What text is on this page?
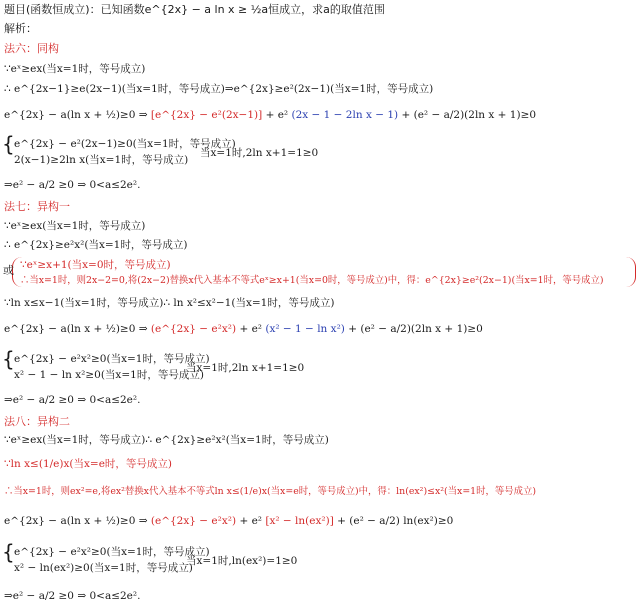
题目(函数恒成立)：已知函数e^{2x} − a ln x ≥ ½a恒成立，求a的取值范围
解析：
法六：同构
∵eˣ≥ex(当x=1时，等号成立)
∴ e^{2x−1}≥e(2x−1)(当x=1时，等号成立)⇒e^{2x}≥e²(2x−1)(当x=1时，等号成立)
e^{2x} − a(ln x + ½)≥0 ⇒ [e^{2x} − e²(2x−1)] + e² (2x − 1 − 2ln x − 1) + (e² − a/2)(2ln x + 1)≥0
{ e^{2x} − e²(2x−1)≥0(当x=1时，等号成立)
2(x−1)≥2ln x(当x=1时，等号成立)
当x=1时,2ln x+1=1≥0
⇒e² − a/2 ≥0 ⇒ 0<a≤2e².
法七：异构一
∵eˣ≥ex(当x=1时，等号成立)
∴ e^{2x}≥e²x²(当x=1时，等号成立)
或 ∵eˣ≥x+1(当x=0时，等号成立)
∴当x=1时，则2x−2=0,将(2x−2)替换x代入基本不等式eˣ≥x+1(当x=0时，等号成立)中，得：e^{2x}≥e²(2x−1)(当x=1时，等号成立)
∵ln x≤x−1(当x=1时，等号成立)∴ ln x²≤x²−1(当x=1时，等号成立)
e^{2x} − a(ln x + ½)≥0 ⇒ (e^{2x} − e²x²) + e² (x² − 1 − ln x²) + (e² − a/2)(2ln x + 1)≥0
{ e^{2x} − e²x²≥0(当x=1时，等号成立)
x² − 1 − ln x²≥0(当x=1时，等号成立)
当x=1时,2ln x+1=1≥0
⇒e² − a/2 ≥0 ⇒ 0<a≤2e².
法八：异构二
∵eˣ≥ex(当x=1时，等号成立)∴ e^{2x}≥e²x²(当x=1时，等号成立)
∵ln x≤(1/e)x(当x=e时，等号成立)
∴当x=1时，则ex²=e,将ex²替换x代入基本不等式ln x≤(1/e)x(当x=e时，等号成立)中，得：ln(ex²)≤x²(当x=1时，等号成立)
e^{2x} − a(ln x + ½)≥0 ⇒ (e^{2x} − e²x²) + e² [x² − ln(ex²)] + (e² − a/2) ln(ex²)≥0
{ e^{2x} − e²x²≥0(当x=1时，等号成立)
x² − ln(ex²)≥0(当x=1时，等号成立)
当x=1时,ln(ex²)=1≥0
⇒e² − a/2 ≥0 ⇒ 0<a≤2e².
